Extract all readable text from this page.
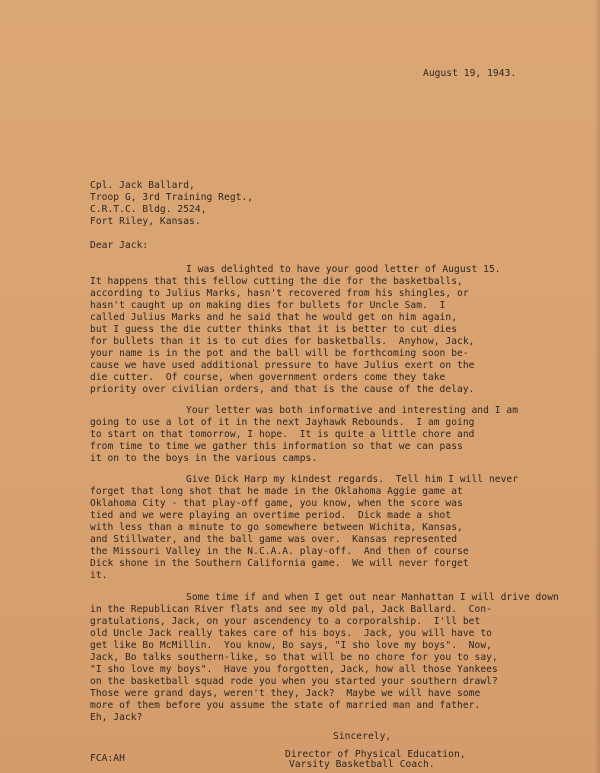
August 19, 1943.
Cpl. Jack Ballard,
Troop G, 3rd Training Regt.,
C.R.T.C. Bldg. 2524,
Fort Riley, Kansas.
Dear Jack:
I was delighted to have your good letter of August 15.
It happens that this fellow cutting the die for the basketballs,
according to Julius Marks, hasn't recovered from his shingles, or
hasn't caught up on making dies for bullets for Uncle Sam.  I
called Julius Marks and he said that he would get on him again,
but I guess the die cutter thinks that it is better to cut dies
for bullets than it is to cut dies for basketballs.  Anyhow, Jack,
your name is in the pot and the ball will be forthcoming soon be-
cause we have used additional pressure to have Julius exert on the
die cutter.  Of course, when government orders come they take
priority over civilian orders, and that is the cause of the delay.
Your letter was both informative and interesting and I am
going to use a lot of it in the next Jayhawk Rebounds.  I am going
to start on that tomorrow, I hope.  It is quite a little chore and
from time to time we gather this information so that we can pass
it on to the boys in the various camps.
Give Dick Harp my kindest regards.  Tell him I will never
forget that long shot that he made in the Oklahoma Aggie game at
Oklahoma City - that play-off game, you know, when the score was
tied and we were playing an overtime period.  Dick made a shot
with less than a minute to go somewhere between Wichita, Kansas,
and Stillwater, and the ball game was over.  Kansas represented
the Missouri Valley in the N.C.A.A. play-off.  And then of course
Dick shone in the Southern California game.  We will never forget
it.
Some time if and when I get out near Manhattan I will drive down
in the Republican River flats and see my old pal, Jack Ballard.  Con-
gratulations, Jack, on your ascendency to a corporalship.  I'll bet
old Uncle Jack really takes care of his boys.  Jack, you will have to
get like Bo McMillin.  You know, Bo says, "I sho love my boys".  Now,
Jack, Bo talks southern-like, so that will be no chore for you to say,
"I sho love my boys".  Have you forgotten, Jack, how all those Yankees
on the basketball squad rode you when you started your southern drawl?
Those were grand days, weren't they, Jack?  Maybe we will have some
more of them before you assume the state of married man and father.
Eh, Jack?
Sincerely,
FCA:AH	Director of Physical Education,
Varsity Basketball Coach.
